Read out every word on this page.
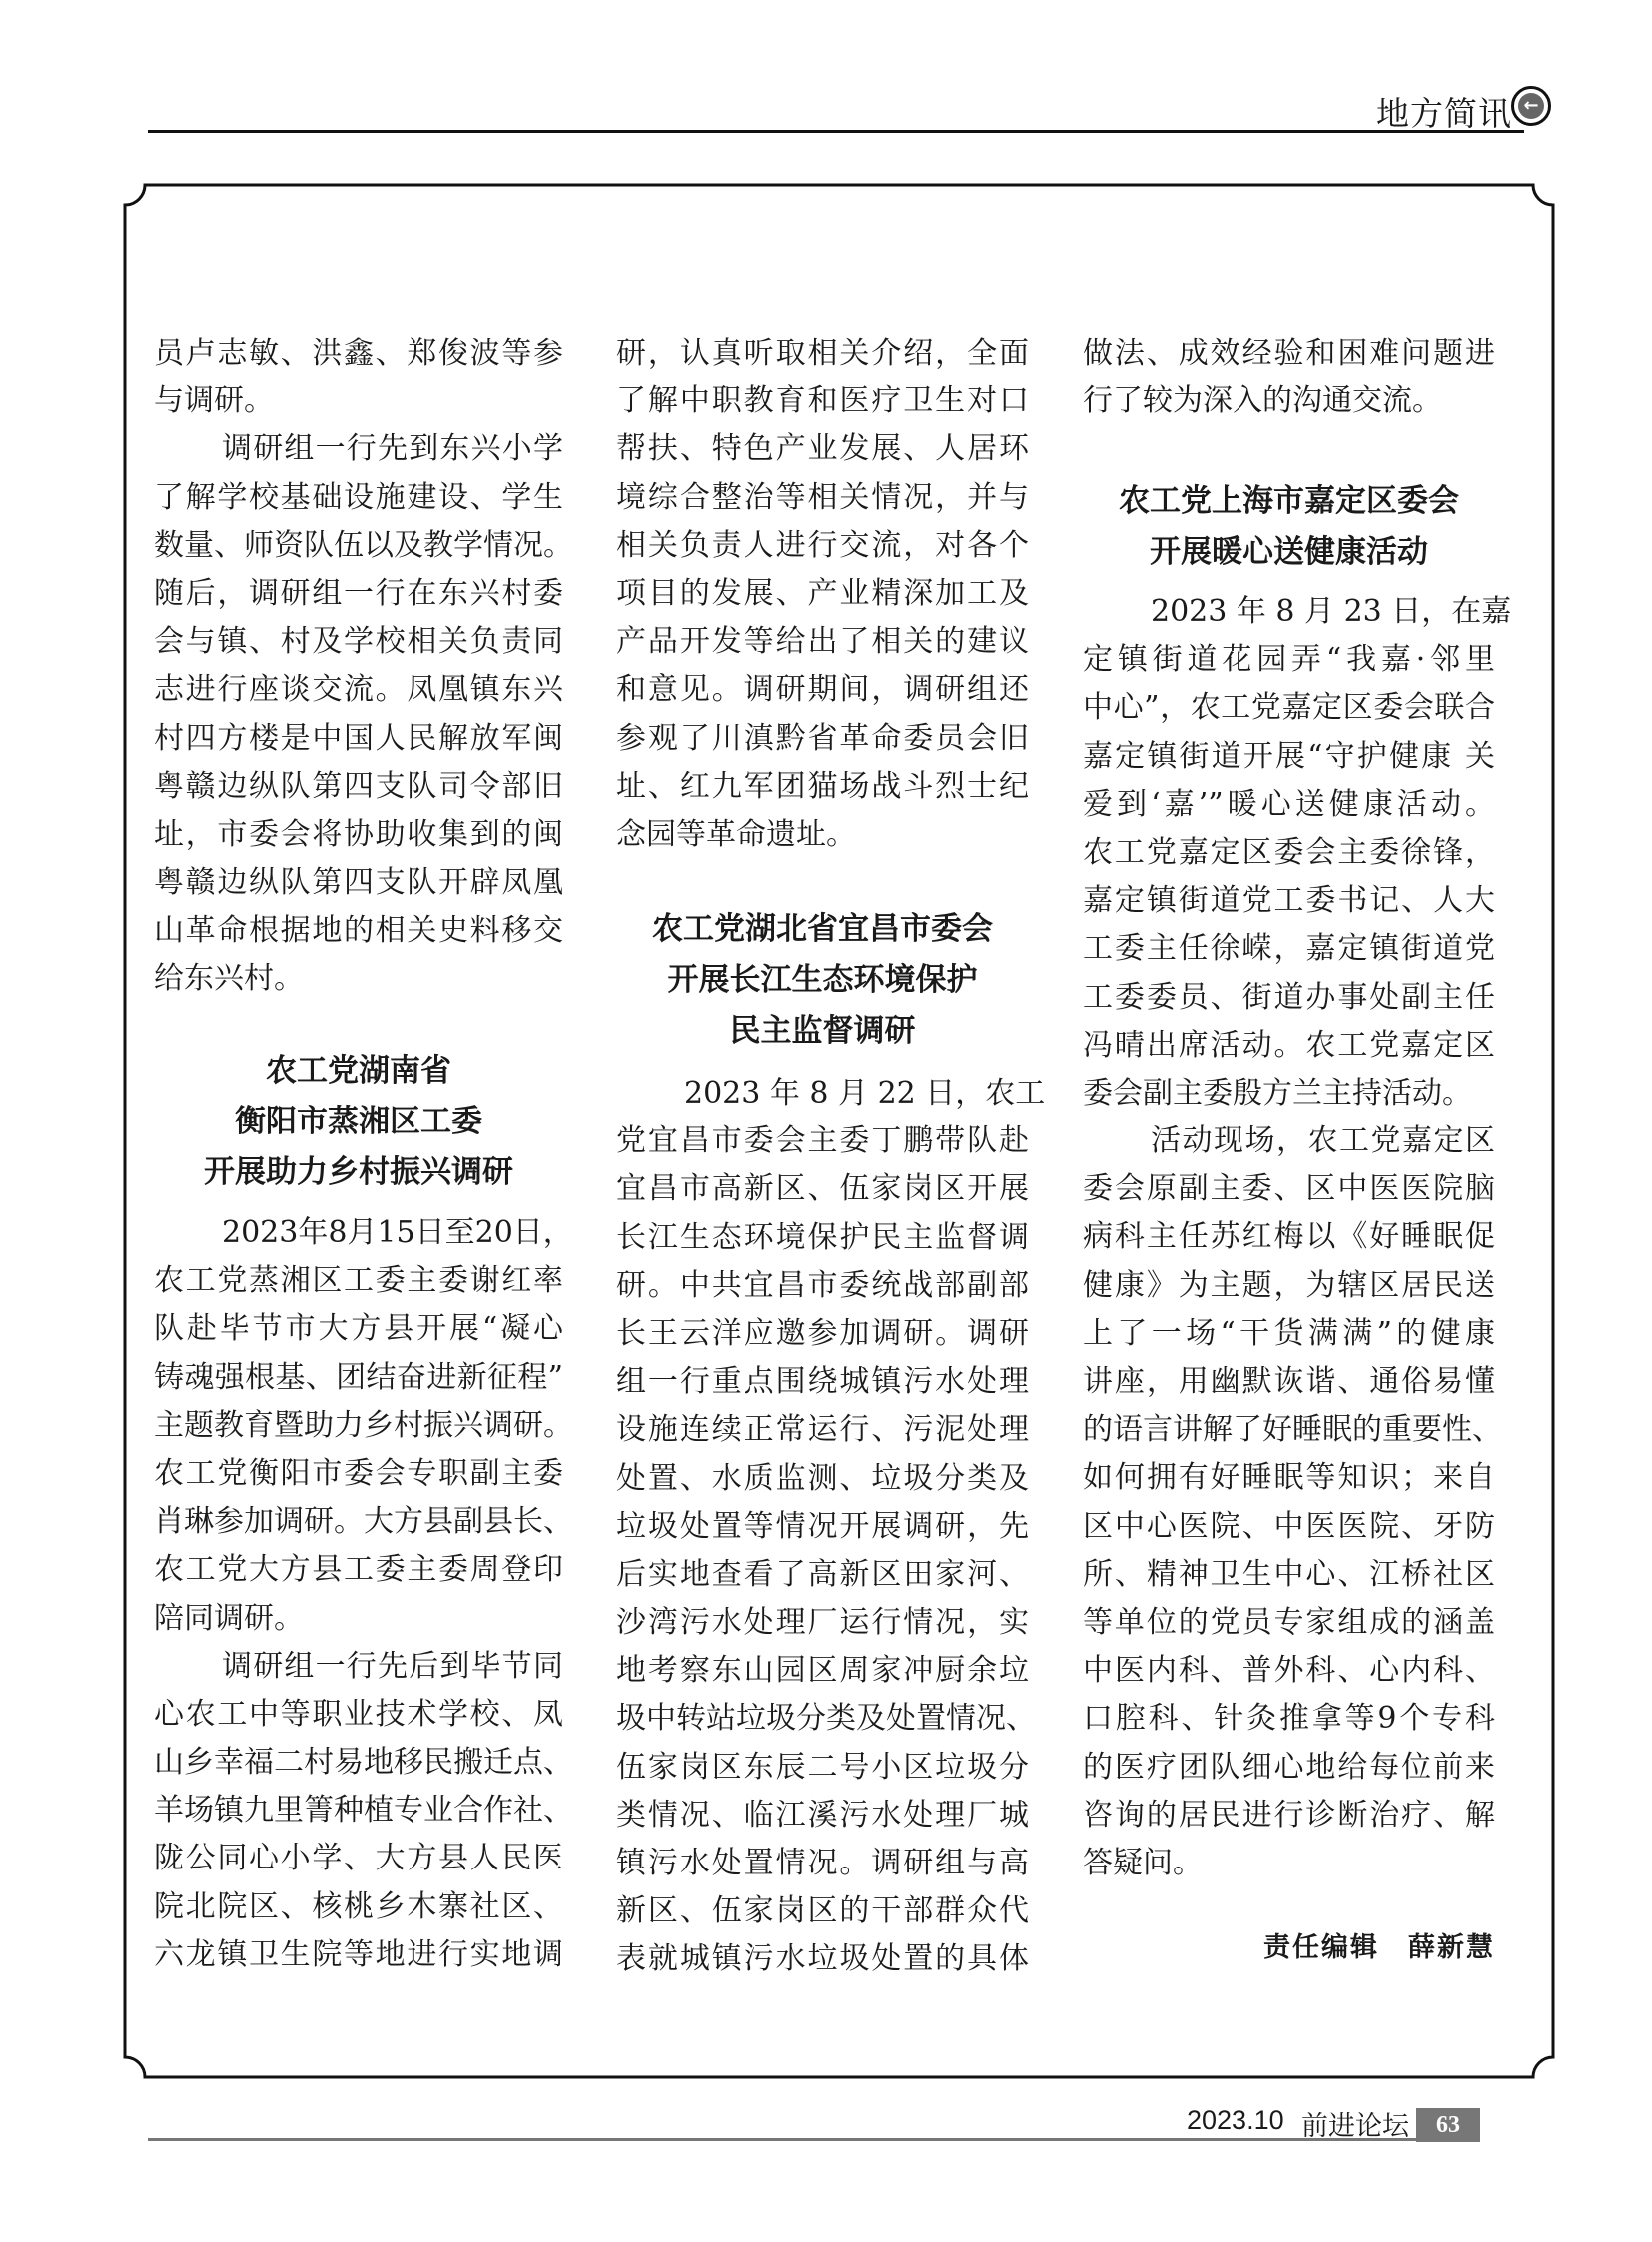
地方简讯 ←
员卢志敏、洪鑫、郑俊波等参
与调研。
调研组一行先到东兴小学
了解学校基础设施建设、学生
数量、师资队伍以及教学情况。
随后，调研组一行在东兴村委
会与镇、村及学校相关负责同
志进行座谈交流。凤凰镇东兴
村四方楼是中国人民解放军闽
粤赣边纵队第四支队司令部旧
址，市委会将协助收集到的闽
粤赣边纵队第四支队开辟凤凰
山革命根据地的相关史料移交
给东兴村。
农工党湖南省
衡阳市蒸湘区工委
开展助力乡村振兴调研
2023年8月15日至20日，
农工党蒸湘区工委主委谢红率
队赴毕节市大方县开展“凝心
铸魂强根基、团结奋进新征程”
主题教育暨助力乡村振兴调研。
农工党衡阳市委会专职副主委
肖琳参加调研。大方县副县长、
农工党大方县工委主委周登印
陪同调研。
调研组一行先后到毕节同
心农工中等职业技术学校、凤
山乡幸福二村易地移民搬迁点、
羊场镇九里箐种植专业合作社、
陇公同心小学、大方县人民医
院北院区、核桃乡木寨社区、
六龙镇卫生院等地进行实地调
研，认真听取相关介绍，全面
了解中职教育和医疗卫生对口
帮扶、特色产业发展、人居环
境综合整治等相关情况，并与
相关负责人进行交流，对各个
项目的发展、产业精深加工及
产品开发等给出了相关的建议
和意见。调研期间，调研组还
参观了川滇黔省革命委员会旧
址、红九军团猫场战斗烈士纪
念园等革命遗址。
农工党湖北省宜昌市委会
开展长江生态环境保护
民主监督调研
2023 年 8 月 22 日，农工
党宜昌市委会主委丁鹏带队赴
宜昌市高新区、伍家岗区开展
长江生态环境保护民主监督调
研。中共宜昌市委统战部副部
长王云洋应邀参加调研。调研
组一行重点围绕城镇污水处理
设施连续正常运行、污泥处理
处置、水质监测、垃圾分类及
垃圾处置等情况开展调研，先
后实地查看了高新区田家河、
沙湾污水处理厂运行情况，实
地考察东山园区周家冲厨余垃
圾中转站垃圾分类及处置情况、
伍家岗区东辰二号小区垃圾分
类情况、临江溪污水处理厂城
镇污水处置情况。调研组与高
新区、伍家岗区的干部群众代
表就城镇污水垃圾处置的具体
做法、成效经验和困难问题进
行了较为深入的沟通交流。
农工党上海市嘉定区委会
开展暖心送健康活动
2023 年 8 月 23 日，在嘉
定镇街道花园弄“我嘉·邻里
中心”，农工党嘉定区委会联合
嘉定镇街道开展“守护健康 关
爱到‘嘉’”暖心送健康活动。
农工党嘉定区委会主委徐锋，
嘉定镇街道党工委书记、人大
工委主任徐嵘，嘉定镇街道党
工委委员、街道办事处副主任
冯晴出席活动。农工党嘉定区
委会副主委殷方兰主持活动。
活动现场，农工党嘉定区
委会原副主委、区中医医院脑
病科主任苏红梅以《好睡眠促
健康》为主题，为辖区居民送
上了一场“干货满满”的健康
讲座，用幽默诙谐、通俗易懂
的语言讲解了好睡眠的重要性、
如何拥有好睡眠等知识；来自
区中心医院、中医医院、牙防
所、精神卫生中心、江桥社区
等单位的党员专家组成的涵盖
中医内科、普外科、心内科、
口腔科、针灸推拿等9个专科
的医疗团队细心地给每位前来
咨询的居民进行诊断治疗、解
答疑问。
责任编辑  薛新慧
2023.10 前进论坛	63
